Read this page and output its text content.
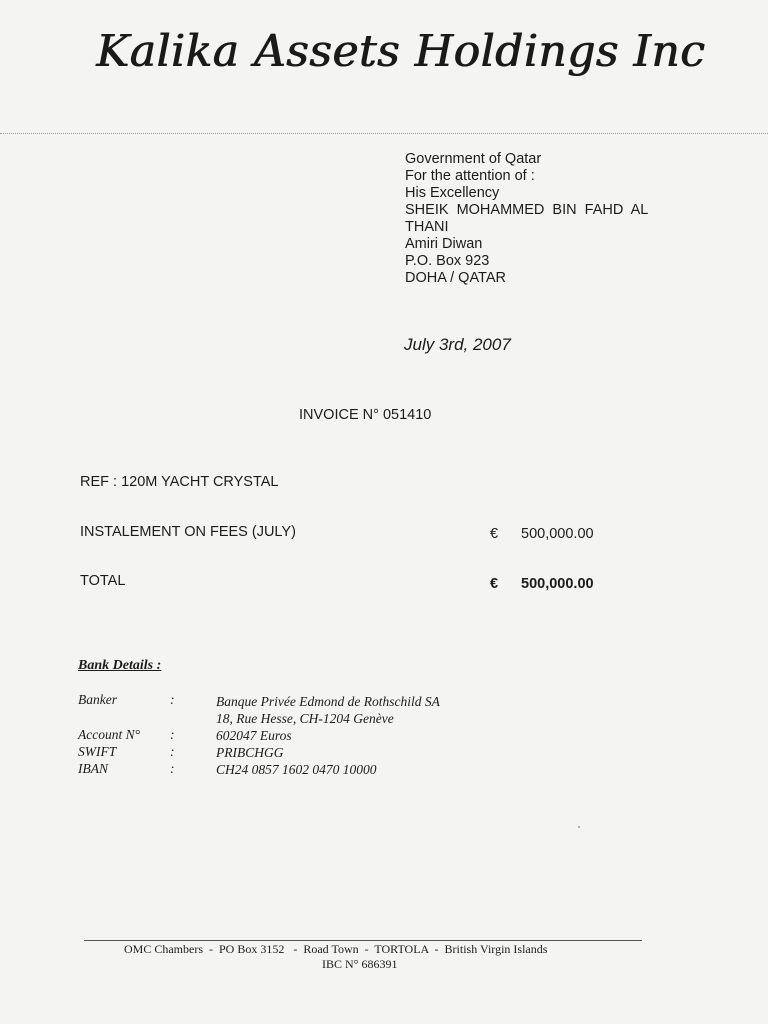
Kalika Assets Holdings Inc
Government of Qatar
For the attention of :
His Excellency
SHEIK  MOHAMMED  BIN  FAHD  AL
THANI
Amiri Diwan
P.O. Box 923
DOHA / QATAR
July 3rd, 2007
INVOICE N° 051410
REF : 120M YACHT CRYSTAL
INSTALEMENT ON FEES (JULY)	€ 500,000.00
TOTAL	€ 500,000.00
Bank Details :
Banker	:	Banque Privée Edmond de Rothschild SA
18, Rue Hesse, CH-1204 Genève
Account N° :	602047 Euros
SWIFT	:	PRIBCHGG
IBAN	:	CH24 0857 1602 0470 10000
OMC Chambers  -  PO Box 3152   -  Road Town  -  TORTOLA  -  British Virgin Islands
IBC N° 686391
